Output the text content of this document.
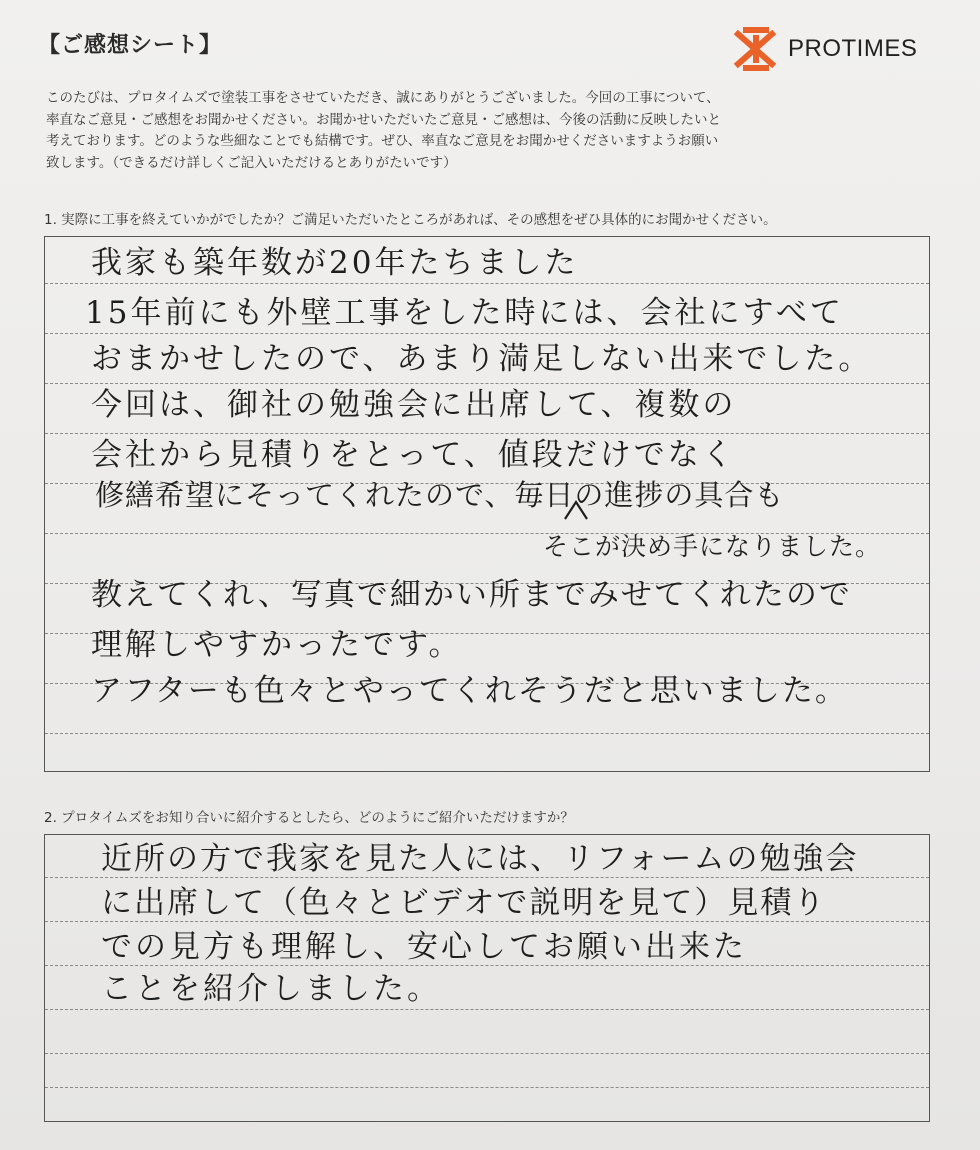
【ご感想シート】	PROTIMES

このたびは、プロタイムズで塗装工事をさせていただき、誠にありがとうございました。今回の工事について、

率直なご意見・ご感想をお聞かせください。お聞かせいただいたご意見・ご感想は、今後の活動に反映したいと

考えております。どのような些細なことでも結構です。ぜひ、率直なご意見をお聞かせくださいますようお願い

致します。（できるだけ詳しくご記入いただけるとありがたいです）

1. 実際に工事を終えていかがでしたか？ご満足いただいたところがあれば、その感想をぜひ具体的にお聞かせください。
我家も築年数が20年たちました
15年前にも外壁工事をした時には、会社にすべて
おまかせしたので、あまり満足しない出来でした。
今回は、御社の勉強会に出席して、複数の
会社から見積りをとって、値段だけでなく
修繕希望にそってくれたので、毎日の進捗の具合も
そこが決め手になりました。
教えてくれ、写真で細かい所までみせてくれたので
理解しやすかったです。
アフターも色々とやってくれそうだと思いました。
2. プロタイムズをお知り合いに紹介するとしたら、どのようにご紹介いただけますか？
近所の方で我家を見た人には、リフォームの勉強会
に出席して（色々とビデオで説明を見て）見積り
での見方も理解し、安心してお願い出来た
ことを紹介しました。
